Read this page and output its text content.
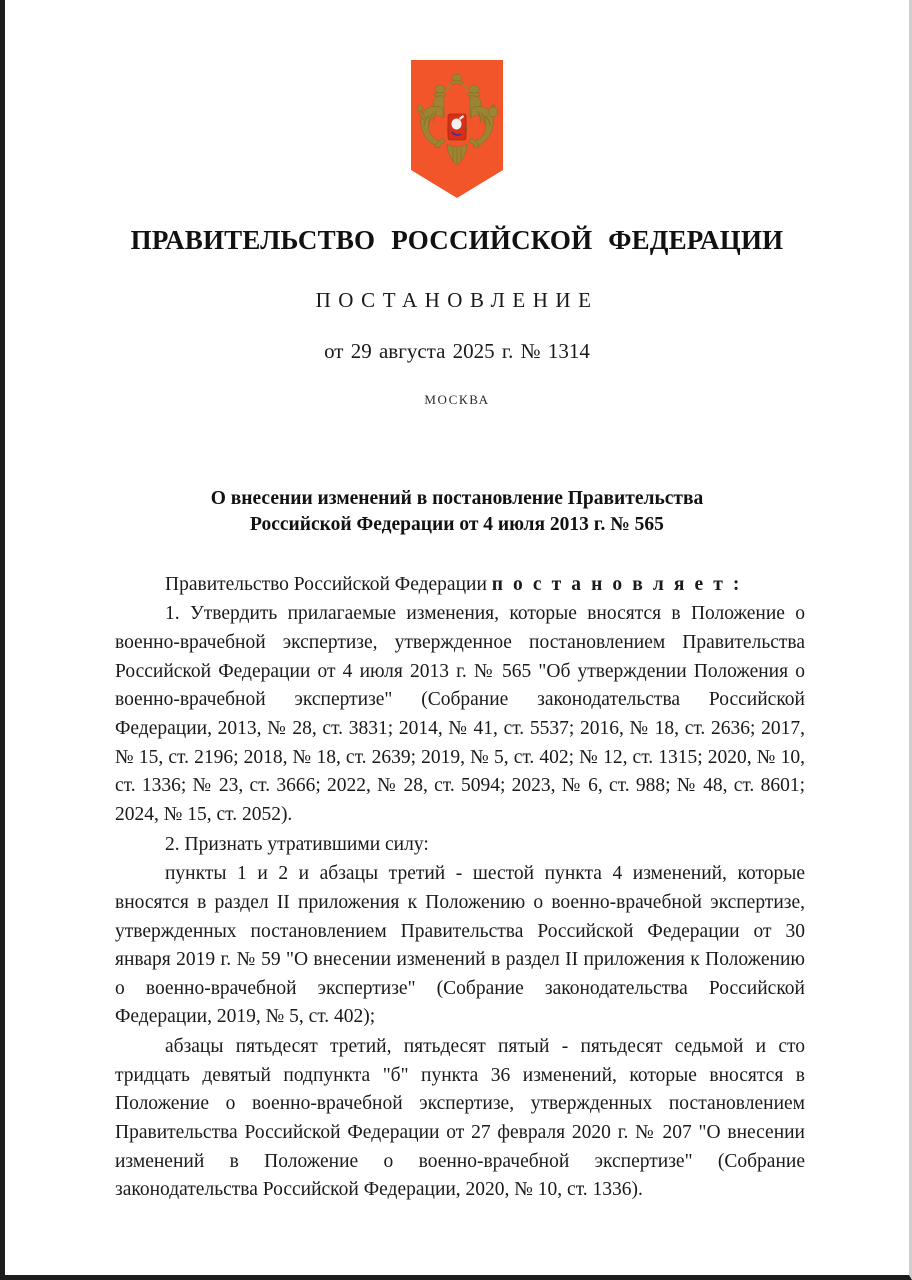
ПРАВИТЕЛЬСТВО РОССИЙСКОЙ ФЕДЕРАЦИИ
ПОСТАНОВЛЕНИЕ
от 29 августа 2025 г. № 1314
МОСКВА
О внесении изменений в постановление Правительства
Российской Федерации от 4 июля 2013 г. № 565

Правительство Российской Федерации п о с т а н о в л я е т :

1. Утвердить прилагаемые изменения, которые вносятся в Положение о военно-врачебной экспертизе, утвержденное постановлением Правительства Российской Федерации от 4 июля 2013 г. № 565 "Об утверждении Положения о военно-врачебной экспертизе" (Собрание законодательства Российской Федерации, 2013, № 28, ст. 3831; 2014, № 41, ст. 5537; 2016, № 18, ст. 2636; 2017, № 15, ст. 2196; 2018, № 18, ст. 2639; 2019, № 5, ст. 402; № 12, ст. 1315; 2020, № 10, ст. 1336; № 23, ст. 3666; 2022, № 28, ст. 5094; 2023, № 6, ст. 988; № 48, ст. 8601; 2024, № 15, ст. 2052).

2. Признать утратившими силу:

пункты 1 и 2 и абзацы третий - шестой пункта 4 изменений, которые вносятся в раздел II приложения к Положению о военно-врачебной экспертизе, утвержденных постановлением Правительства Российской Федерации от 30 января 2019 г. № 59 "О внесении изменений в раздел II приложения к Положению о военно-врачебной экспертизе" (Собрание законодательства Российской Федерации, 2019, № 5, ст. 402);

абзацы пятьдесят третий, пятьдесят пятый - пятьдесят седьмой и сто тридцать девятый подпункта "б" пункта 36 изменений, которые вносятся в Положение о военно-врачебной экспертизе, утвержденных постановлением Правительства Российской Федерации от 27 февраля 2020 г. № 207 "О внесении изменений в Положение о военно-врачебной экспертизе" (Собрание законодательства Российской Федерации, 2020, № 10, ст. 1336).
